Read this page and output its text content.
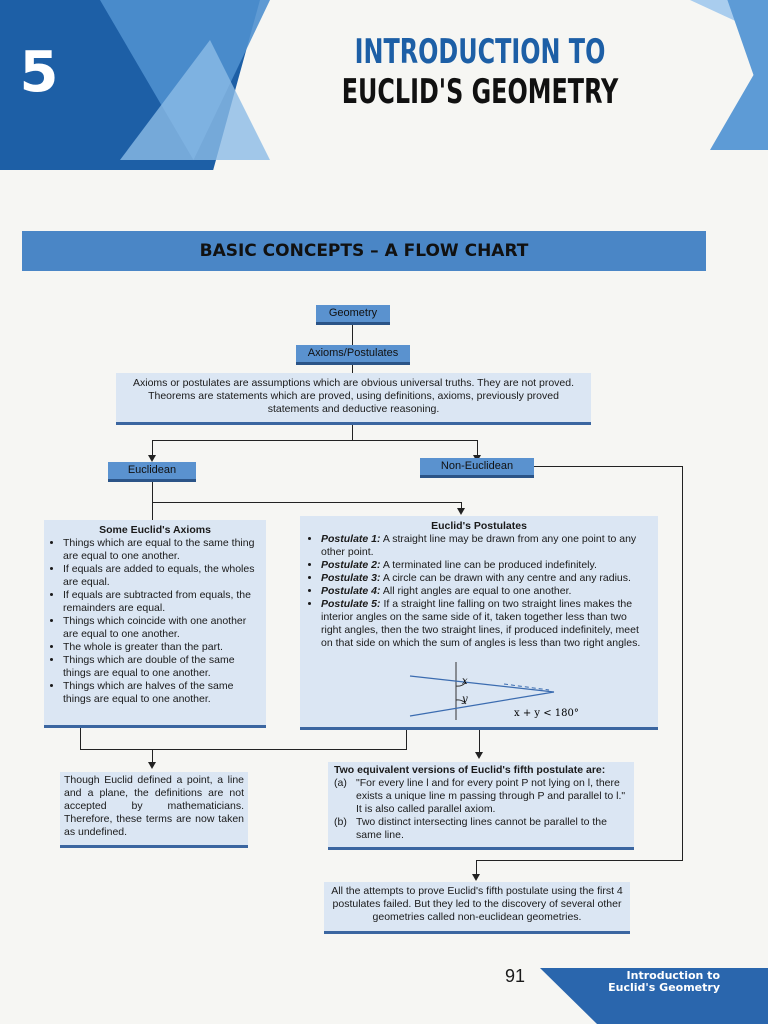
5	INTRODUCTION TO
EUCLID'S GEOMETRY
BASIC CONCEPTS – A FLOW CHART
Geometry
Axioms/Postulates
Axioms or postulates are assumptions which are obvious universal truths. They are not proved. Theorems are statements which are proved, using definitions, axioms, previously proved statements and deductive reasoning.
Euclidean	Non-Euclidean
Some Euclid's Axioms
• Things which are equal to the same thing are equal to one another.
• If equals are added to equals, the wholes are equal.
• If equals are subtracted from equals, the remainders are equal.
• Things which coincide with one another are equal to one another.
• The whole is greater than the part.
• Things which are double of the same things are equal to one another.
• Things which are halves of the same things are equal to one another.
Euclid's Postulates
• Postulate 1: A straight line may be drawn from any one point to any other point.
• Postulate 2: A terminated line can be produced indefinitely.
• Postulate 3: A circle can be drawn with any centre and any radius.
• Postulate 4: All right angles are equal to one another.
• Postulate 5: If a straight line falling on two straight lines makes the interior angles on the same side of it, taken together less than two right angles, then the two straight lines, if produced indefinitely, meet on that side on which the sum of angles is less than two right angles.
x
y
x + y < 180°
Though Euclid defined a point, a line and a plane, the definitions are not accepted by mathematicians. Therefore, these terms are now taken as undefined.
Two equivalent versions of Euclid's fifth postulate are:
(a) "For every line l and for every point P not lying on l, there exists a unique line m passing through P and parallel to l." It is also called parallel axiom.
(b) Two distinct intersecting lines cannot be parallel to the same line.
All the attempts to prove Euclid's fifth postulate using the first 4 postulates failed. But they led to the discovery of several other geometries called non-euclidean geometries.
91	Introduction to
Euclid's Geometry
